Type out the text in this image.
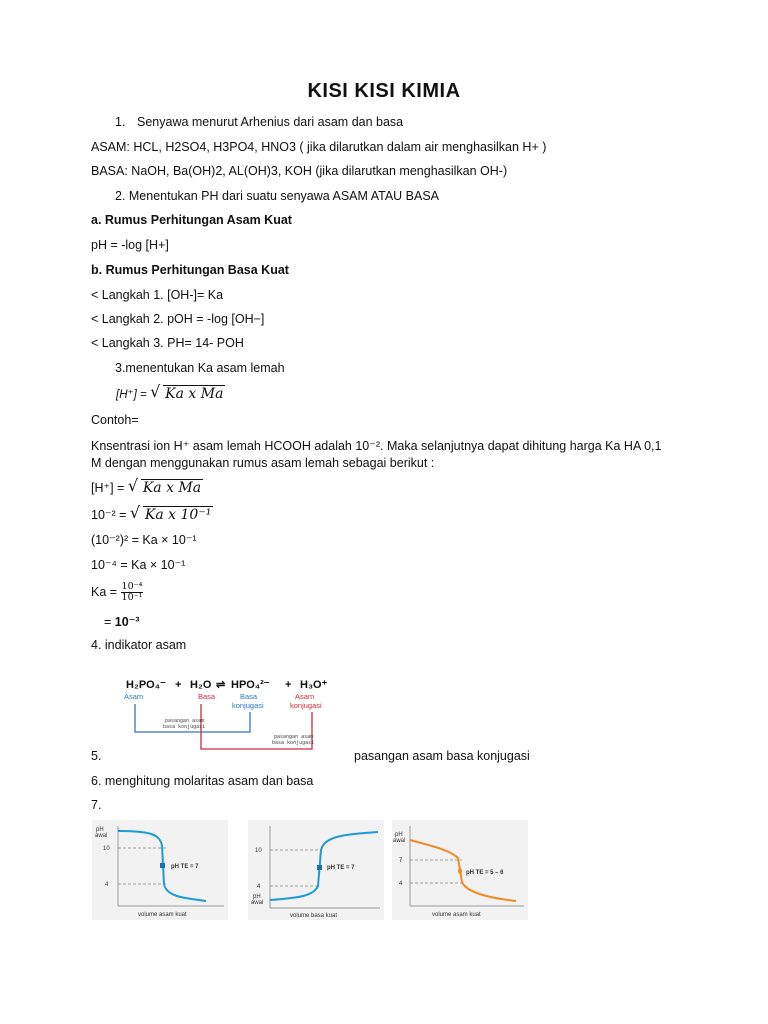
KISI KISI KIMIA
1. Senyawa menurut Arhenius dari asam dan basa
ASAM: HCL, H2SO4, H3PO4, HNO3 ( jika dilarutkan dalam air menghasilkan H+ )
BASA: NaOH, Ba(OH)2, AL(OH)3, KOH (jika dilarutkan menghasilkan OH-)
2. Menentukan PH dari suatu senyawa ASAM ATAU BASA
a. Rumus Perhitungan Asam Kuat
pH = -log [H+]
b. Rumus Perhitungan Basa Kuat
< Langkah 1. [OH-]= Ka
< Langkah 2. pOH = -log [OH−]
< Langkah 3. PH= 14- POH
3.menentukan Ka asam lemah
[H⁺] = √ Ka x Ma
Contoh=
Knsentrasi ion H⁺ asam lemah HCOOH adalah 10⁻². Maka selanjutnya dapat dihitung harga Ka HA 0,1
M dengan menggunakan rumus asam lemah sebagai berikut :
[H⁺] = √ Ka x Ma
10⁻² = √ Ka x 10⁻¹
(10⁻²)² = Ka × 10⁻¹
10⁻⁴ = Ka × 10⁻¹
$Ka = \frac{\text{10⁻⁴}}{\text{10⁻¹}}$
= 10⁻³
4. indikator asam
H₂PO₄⁻ + H₂O ⇌ HPO₄²⁻ + H₃O⁺
Asam	Basa	Basa
konjugasi
Asam
konjugasi
pasangan asam
basa konjugasi
pasangan asam
basa konjugasi
5.	pasangan asam basa konjugasi
6. menghitung molaritas asam dan basa
7.
pH
awal
10
4
pH TE = 7
volume asam kuat
10
4
pH
awal
pH TE = 7
volume basa kuat
pH
awal
7
4
pH TE = 5 – 6
volume asam kuat
